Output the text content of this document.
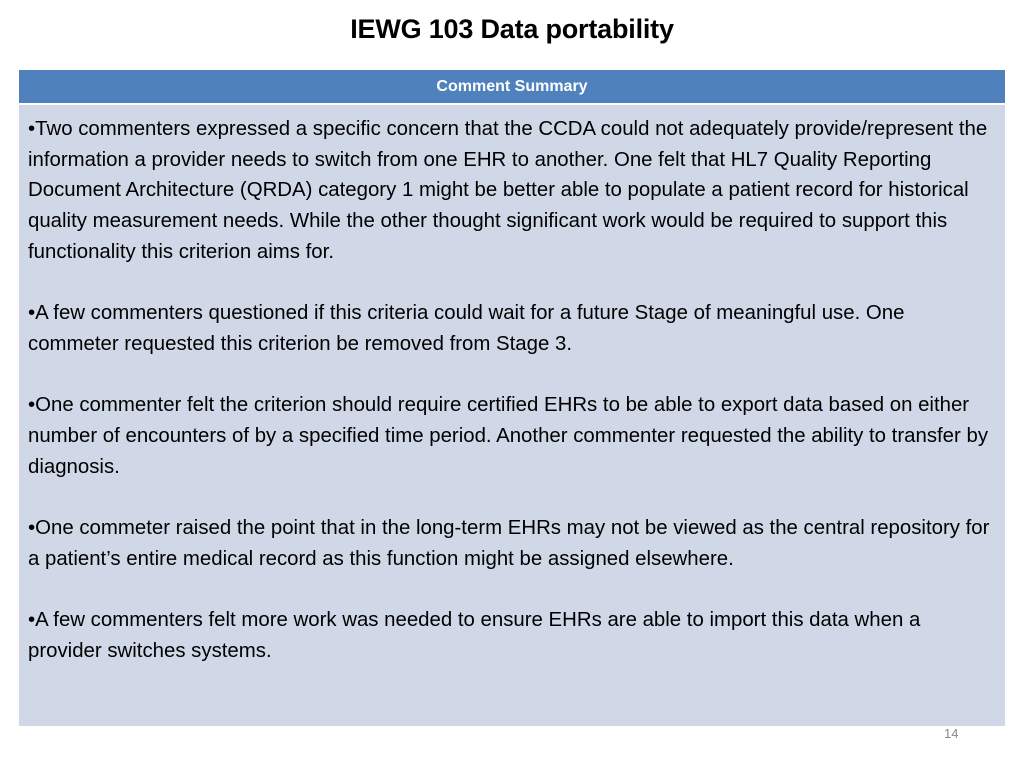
IEWG 103 Data portability
Comment Summary

•Two commenters expressed a specific concern that the CCDA could not adequately provide/represent the information a provider needs to switch from one EHR to another. One felt that HL7 Quality Reporting Document Architecture (QRDA) category 1 might be better able to populate a patient record for historical quality measurement needs. While the other thought significant work would be required to support this functionality this criterion aims for.

•A few commenters questioned if this criteria could wait for a future Stage of meaningful use. One commeter requested this criterion be removed from Stage 3.

•One commenter felt the criterion should require certified EHRs to be able to export data based on either number of encounters of by a specified time period. Another commenter requested the ability to transfer by diagnosis.

•One commeter raised the point that in the long-term EHRs may not be viewed as the central repository for a patient’s entire medical record as this function might be assigned elsewhere.

•A few commenters felt more work was needed to ensure EHRs are able to import this data when a provider switches systems.

14
